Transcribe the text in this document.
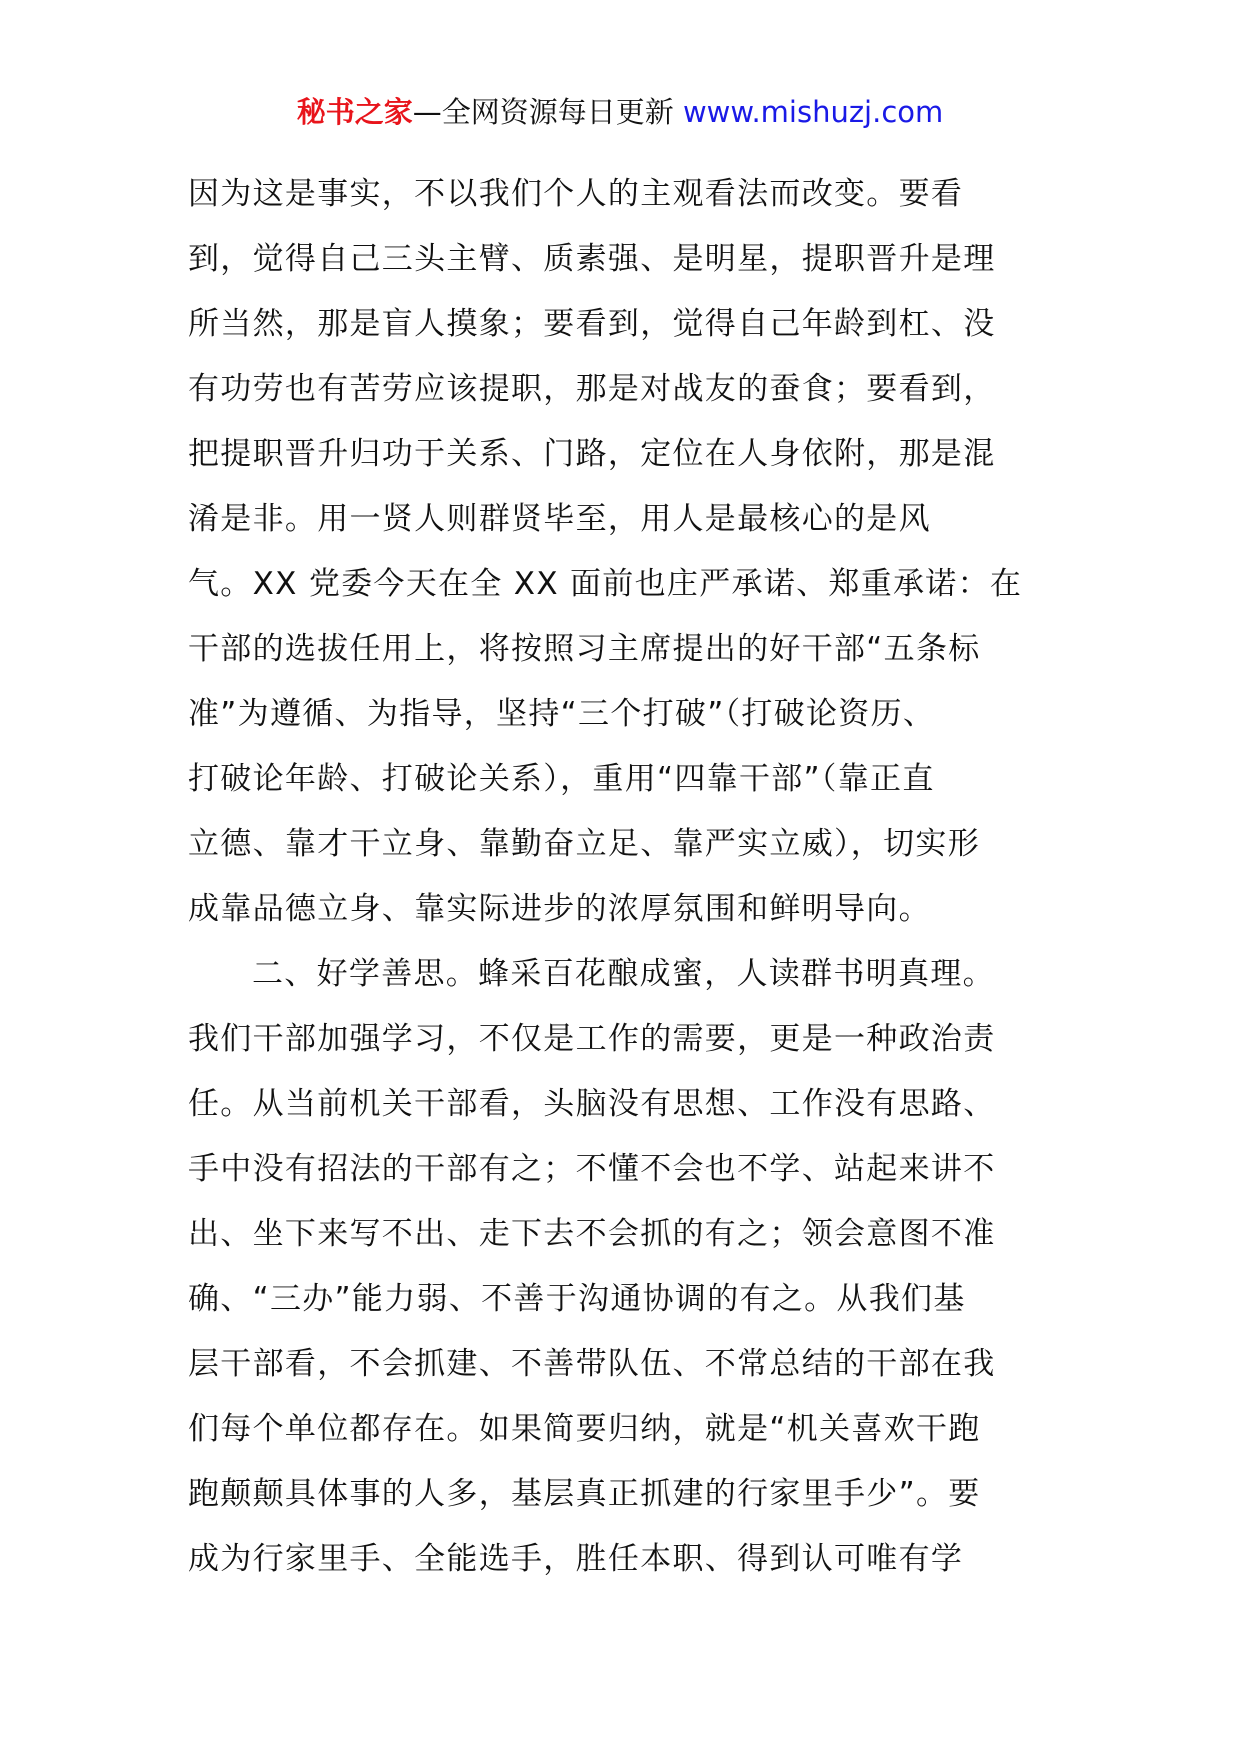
秘书之家—全网资源每日更新 www.mishuzj.com
因为这是事实，不以我们个人的主观看法而改变。要看
到，觉得自己三头主臂、质素强、是明星，提职晋升是理
所当然，那是盲人摸象；要看到，觉得自己年龄到杠、没
有功劳也有苦劳应该提职，那是对战友的蚕食；要看到，
把提职晋升归功于关系、门路，定位在人身依附，那是混
淆是非。用一贤人则群贤毕至，用人是最核心的是风
气。XX 党委今天在全 XX 面前也庄严承诺、郑重承诺：在
干部的选拔任用上，将按照习主席提出的好干部“五条标
准”为遵循、为指导，坚持“三个打破”（打破论资历、
打破论年龄、打破论关系），重用“四靠干部”（靠正直
立德、靠才干立身、靠勤奋立足、靠严实立威），切实形
成靠品德立身、靠实际进步的浓厚氛围和鲜明导向。
二、好学善思。蜂采百花酿成蜜，人读群书明真理。
我们干部加强学习，不仅是工作的需要，更是一种政治责
任。从当前机关干部看，头脑没有思想、工作没有思路、
手中没有招法的干部有之；不懂不会也不学、站起来讲不
出、坐下来写不出、走下去不会抓的有之；领会意图不准
确、“三办”能力弱、不善于沟通协调的有之。从我们基
层干部看，不会抓建、不善带队伍、不常总结的干部在我
们每个单位都存在。如果简要归纳，就是“机关喜欢干跑
跑颠颠具体事的人多，基层真正抓建的行家里手少”。要
成为行家里手、全能选手，胜任本职、得到认可唯有学
